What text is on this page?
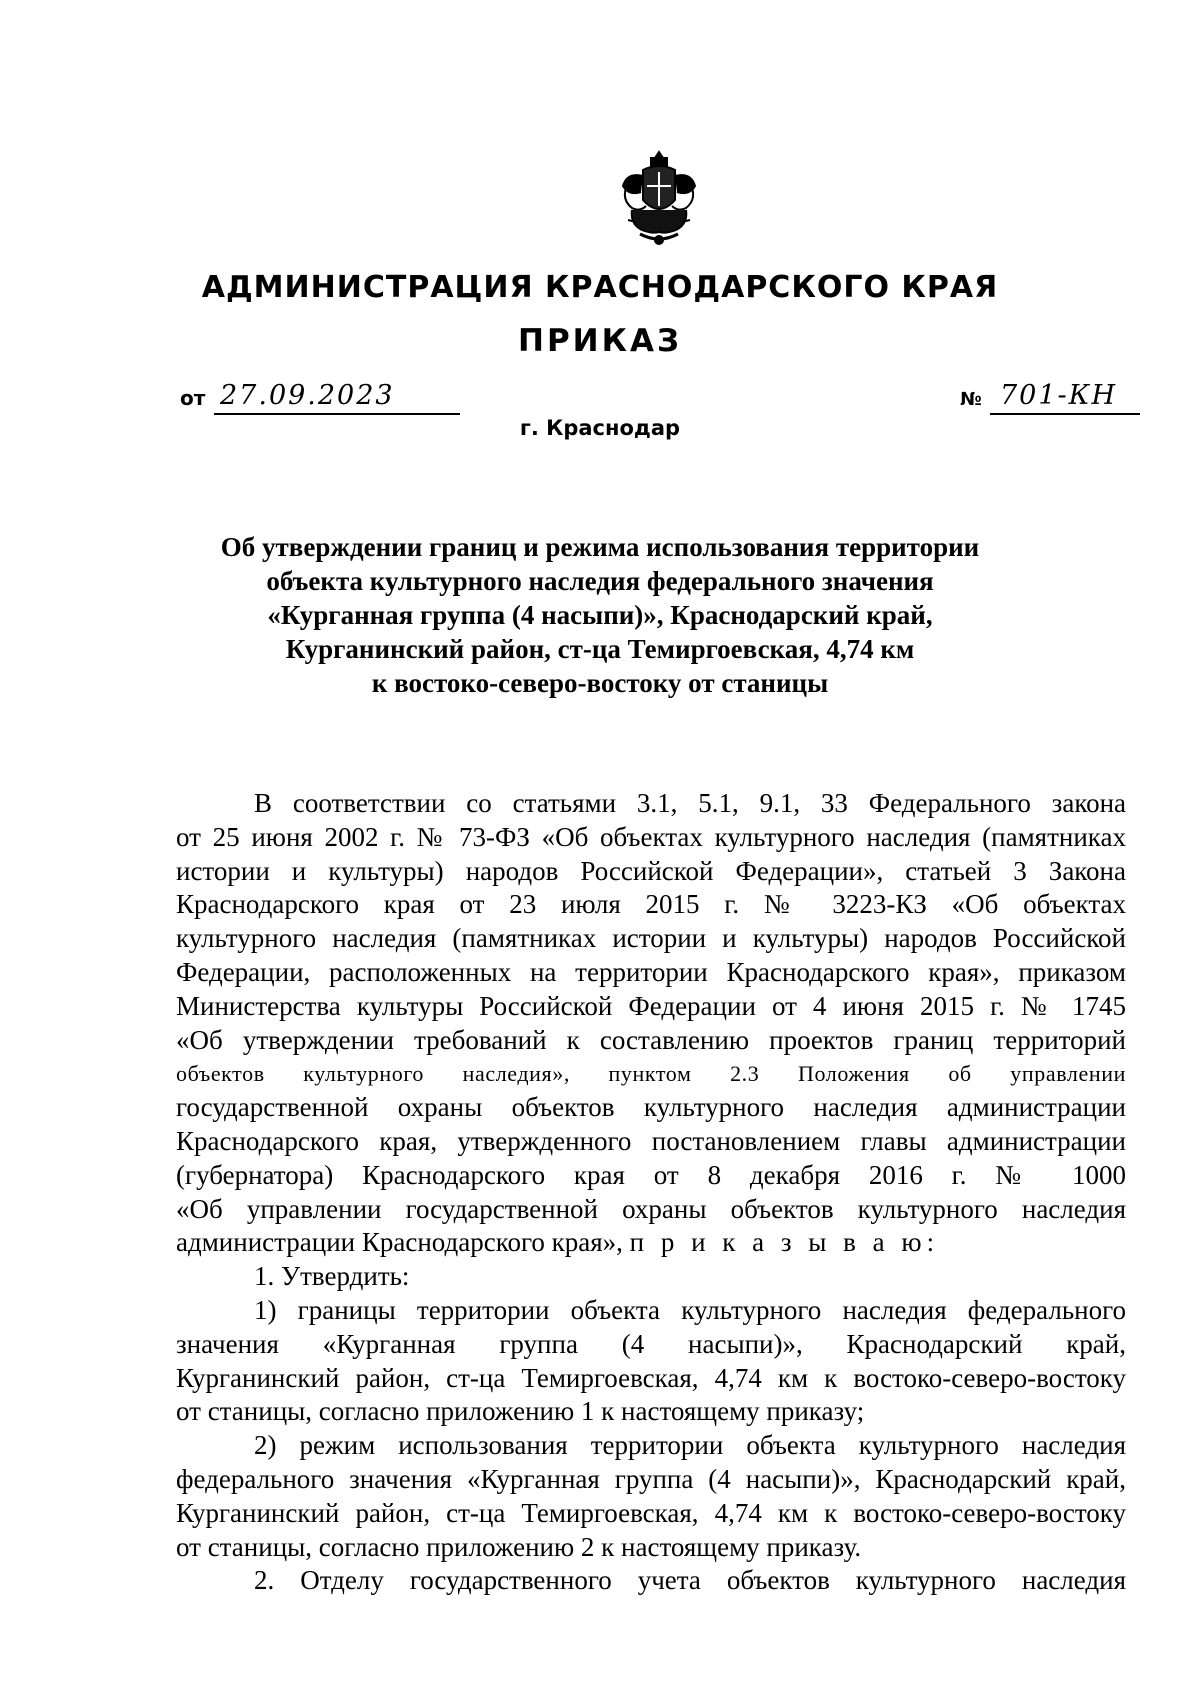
АДМИНИСТРАЦИЯ КРАСНОДАРСКОГО КРАЯ
ПРИКАЗ
от 27.09.2023	№ 701-КН
г. Краснодар
Об утверждении границ и режима использования территории
объекта культурного наследия федерального значения
«Курганная группа (4 насыпи)», Краснодарский край,
Курганинский район, ст-ца Темиргоевская, 4,74 км
к востоко-северо-востоку от станицы
В соответствии со статьями 3.1, 5.1, 9.1, 33 Федерального закона
от 25 июня 2002 г. № 73-ФЗ «Об объектах культурного наследия (памятниках
истории и культуры) народов Российской Федерации», статьей 3 Закона
Краснодарского края от 23 июля 2015 г. № 3223-КЗ «Об объектах
культурного наследия (памятниках истории и культуры) народов Российской
Федерации, расположенных на территории Краснодарского края», приказом
Министерства культуры Российской Федерации от 4 июня 2015 г. № 1745
«Об утверждении требований к составлению проектов границ территорий
объектов культурного наследия», пунктом 2.3 Положения об управлении
государственной охраны объектов культурного наследия администрации
Краснодарского края, утвержденного постановлением главы администрации
(губернатора) Краснодарского края от 8 декабря 2016 г. № 1000
«Об управлении государственной охраны объектов культурного наследия
администрации Краснодарского края», п р и к а з ы в а ю:
1. Утвердить:
1) границы территории объекта культурного наследия федерального
значения «Курганная группа (4 насыпи)», Краснодарский край,
Курганинский район, ст-ца Темиргоевская, 4,74 км к востоко-северо-востоку
от станицы, согласно приложению 1 к настоящему приказу;
2) режим использования территории объекта культурного наследия
федерального значения «Курганная группа (4 насыпи)», Краснодарский край,
Курганинский район, ст-ца Темиргоевская, 4,74 км к востоко-северо-востоку
от станицы, согласно приложению 2 к настоящему приказу.
2. Отделу государственного учета объектов культурного наследия
